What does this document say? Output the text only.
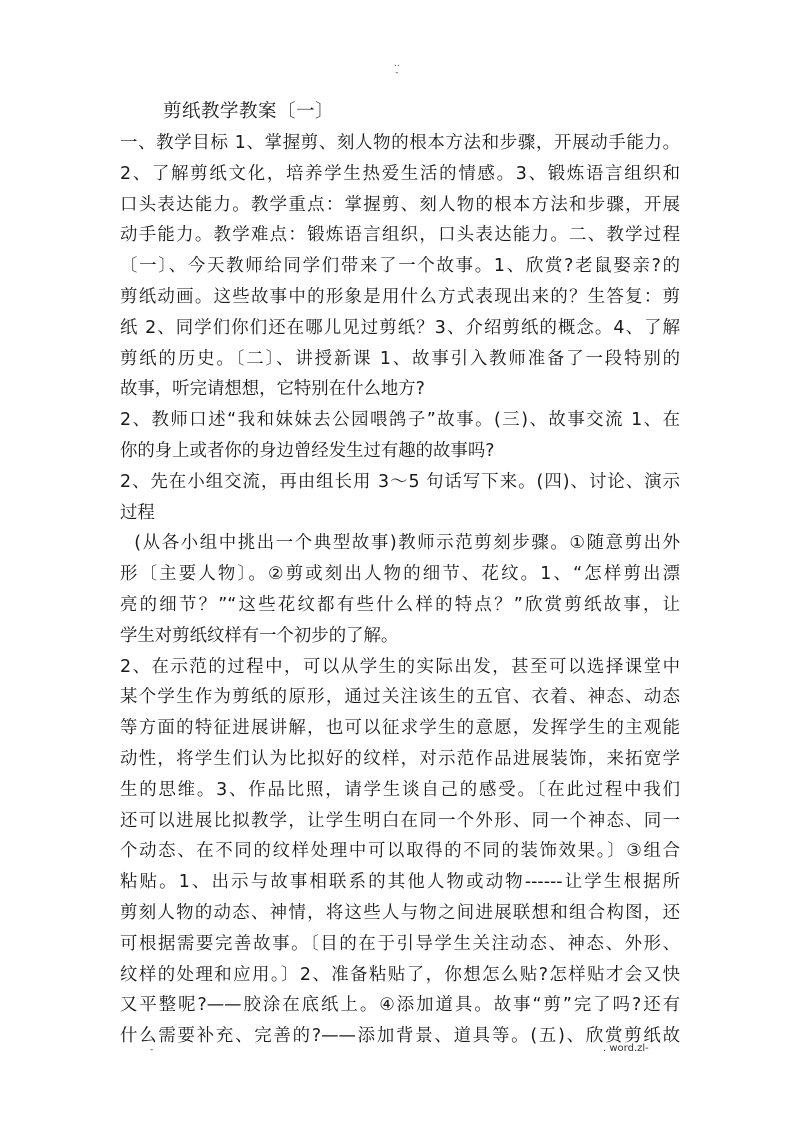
..
-
剪纸教学教案〔一〕
一、教学目标 1、掌握剪、刻人物的根本方法和步骤，开展动手能力。
2、了解剪纸文化，培养学生热爱生活的情感。3、锻炼语言组织和
口头表达能力。教学重点：掌握剪、刻人物的根本方法和步骤，开展
动手能力。教学难点：锻炼语言组织，口头表达能力。二、教学过程
〔一〕、今天教师给同学们带来了一个故事。1、欣赏?老鼠娶亲?的
剪纸动画。这些故事中的形象是用什么方式表现出来的？生答复：剪
纸 2、同学们你们还在哪儿见过剪纸？3、介绍剪纸的概念。4、了解
剪纸的历史。〔二〕、讲授新课 1、故事引入教师准备了一段特别的
故事，听完请想想，它特别在什么地方?
2、教师口述“我和妹妹去公园喂鸽子”故事。(三)、故事交流 1、在
你的身上或者你的身边曾经发生过有趣的故事吗?
2、先在小组交流，再由组长用 3～5 句话写下来。(四)、讨论、演示
过程
(从各小组中挑出一个典型故事)教师示范剪刻步骤。①随意剪出外
形〔主要人物〕。②剪或刻出人物的细节、花纹。1、“怎样剪出漂
亮的细节？”“这些花纹都有些什么样的特点？”欣赏剪纸故事，让
学生对剪纸纹样有一个初步的了解。
2、在示范的过程中，可以从学生的实际出发，甚至可以选择课堂中
某个学生作为剪纸的原形，通过关注该生的五官、衣着、神态、动态
等方面的特征进展讲解，也可以征求学生的意愿，发挥学生的主观能
动性，将学生们认为比拟好的纹样，对示范作品进展装饰，来拓宽学
生的思维。3、作品比照，请学生谈自己的感受。〔在此过程中我们
还可以进展比拟教学，让学生明白在同一个外形、同一个神态、同一
个动态、在不同的纹样处理中可以取得的不同的装饰效果。〕③组合
粘贴。1、出示与故事相联系的其他人物或动物------让学生根据所
剪刻人物的动态、神情，将这些人与物之间进展联想和组合构图，还
可根据需要完善故事。〔目的在于引导学生关注动态、神态、外形、
纹样的处理和应用。〕2、准备粘贴了，你想怎么贴?怎样贴才会又快
又平整呢?——胶涂在底纸上。④添加道具。故事“剪”完了吗?还有
什么需要补充、完善的?——添加背景、道具等。(五)、欣赏剪纸故
-	. word.zl-
